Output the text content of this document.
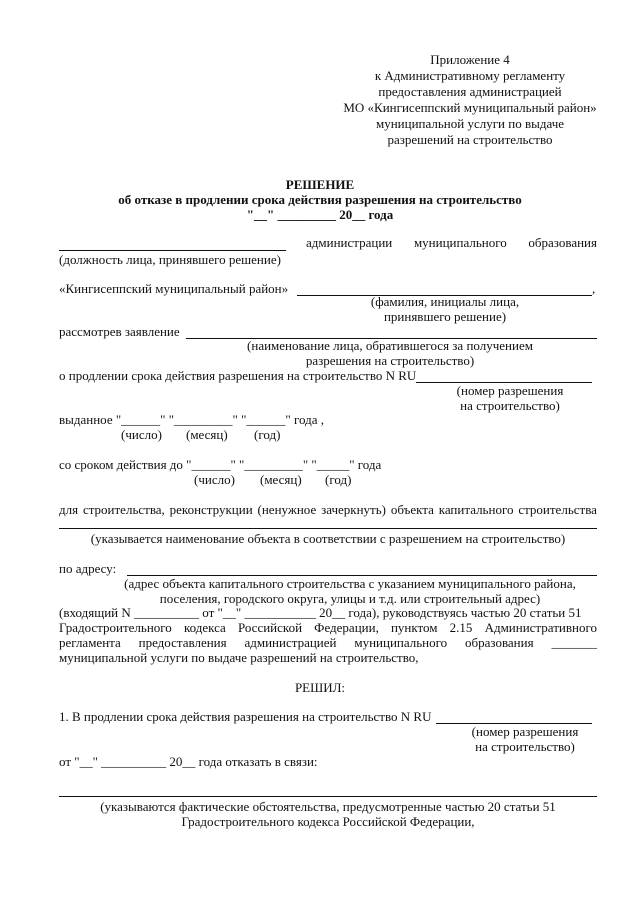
Приложение 4
к Административному регламенту
предоставления администрацией
МО «Кингисеппский муниципальный район»
муниципальной услуги по выдаче
разрешений на строительство
РЕШЕНИЕ
об отказе в продлении срока действия разрешения на строительство
"__" _________ 20__ года
администрации муниципального образования
(должность лица, принявшего решение)
«Кингисеппский муниципальный район»	,
(фамилия, инициалы лица,
принявшего решение)
рассмотрев заявление
(наименование лица, обратившегося за получением
разрешения на строительство)
о продлении срока действия разрешения на строительство N RU
(номер разрешения
на строительство)
выданное "______" "_________" "______" года ,
(число) (месяц) (год)
со сроком действия до "______" "_________" "_____" года
(число) (месяц) (год)
для строительства, реконструкции (ненужное зачеркнуть) объекта капитального строительства
(указывается наименование объекта в соответствии с разрешением на строительство)
по адресу:
(адрес объекта капитального строительства с указанием муниципального района,
поселения, городского округа, улицы и т.д. или строительный адрес)
(входящий N __________ от "__" ___________ 20__ года), руководствуясь частью 20 статьи 51
Градостроительного кодекса Российской Федерации, пунктом 2.15 Административного
регламента предоставления администрацией муниципального образования _______
муниципальной услуги по выдаче разрешений на строительство,
РЕШИЛ:
1. В продлении срока действия разрешения на строительство N RU
(номер разрешения
на строительство)
от "__" __________ 20__ года отказать в связи:
(указываются фактические обстоятельства, предусмотренные частью 20 статьи 51
Градостроительного кодекса Российской Федерации,
